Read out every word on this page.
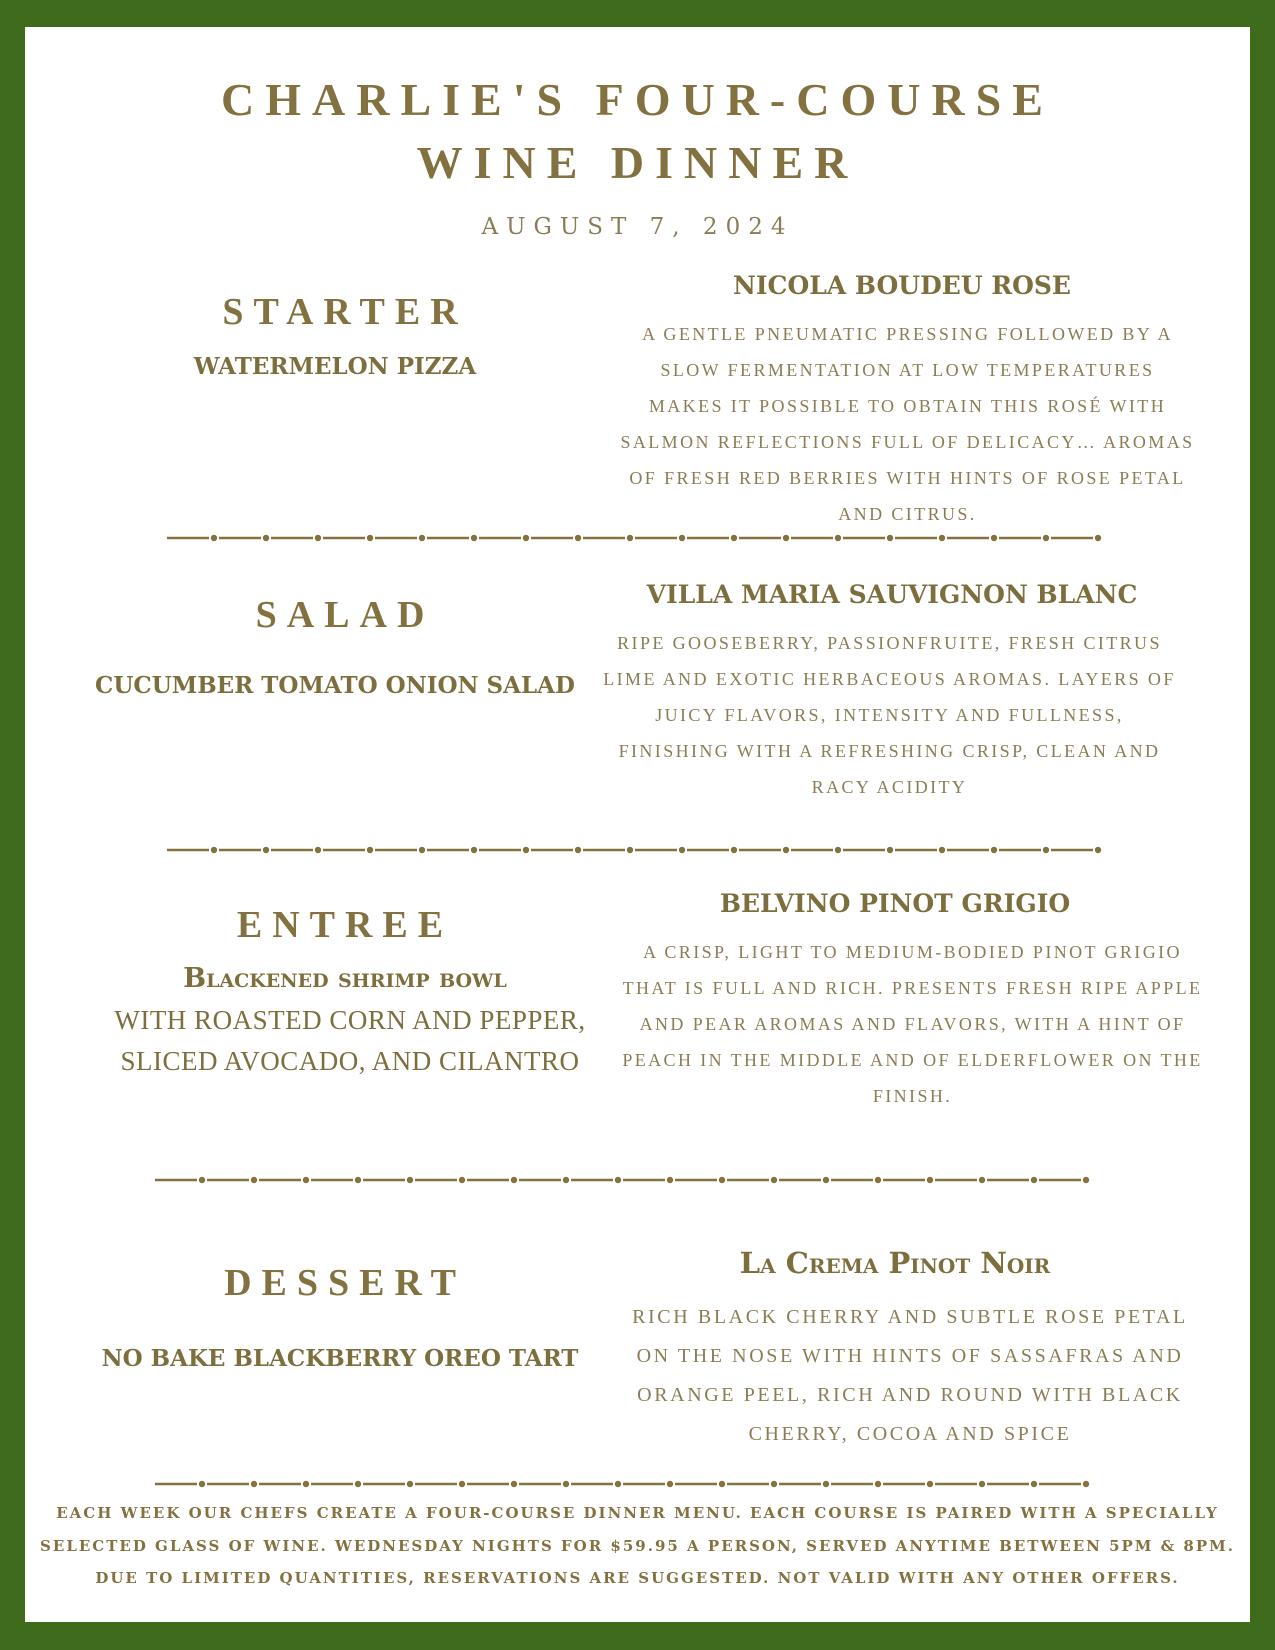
CHARLIE'S FOUR-COURSE
WINE DINNER
AUGUST 7, 2024
STARTER
WATERMELON PIZZA
NICOLA BOUDEU ROSE
A GENTLE PNEUMATIC PRESSING FOLLOWED BY A SLOW FERMENTATION AT LOW TEMPERATURES MAKES IT POSSIBLE TO OBTAIN THIS ROSÉ WITH SALMON REFLECTIONS FULL OF DELICACY… AROMAS OF FRESH RED BERRIES WITH HINTS OF ROSE PETAL AND CITRUS.
SALAD
CUCUMBER TOMATO ONION SALAD
VILLA MARIA SAUVIGNON BLANC
RIPE GOOSEBERRY, PASSIONFRUITE, FRESH CITRUS LIME AND EXOTIC HERBACEOUS AROMAS. LAYERS OF JUICY FLAVORS, INTENSITY AND FULLNESS, FINISHING WITH A REFRESHING CRISP, CLEAN AND RACY ACIDITY
ENTREE
Blackened shrimp bowl
WITH ROASTED CORN AND PEPPER, SLICED AVOCADO, AND CILANTRO
BELVINO PINOT GRIGIO
A CRISP, LIGHT TO MEDIUM-BODIED PINOT GRIGIO THAT IS FULL AND RICH. PRESENTS FRESH RIPE APPLE AND PEAR AROMAS AND FLAVORS, WITH A HINT OF PEACH IN THE MIDDLE AND OF ELDERFLOWER ON THE FINISH.
DESSERT
NO BAKE BLACKBERRY OREO TART
La Crema Pinot Noir
RICH BLACK CHERRY AND SUBTLE ROSE PETAL ON THE NOSE WITH HINTS OF SASSAFRAS AND ORANGE PEEL, RICH AND ROUND WITH BLACK CHERRY, COCOA AND SPICE
EACH WEEK OUR CHEFS CREATE A FOUR-COURSE DINNER MENU. EACH COURSE IS PAIRED WITH A SPECIALLY
SELECTED GLASS OF WINE. WEDNESDAY NIGHTS FOR $59.95 A PERSON, SERVED ANYTIME BETWEEN 5PM & 8PM.
DUE TO LIMITED QUANTITIES, RESERVATIONS ARE SUGGESTED. NOT VALID WITH ANY OTHER OFFERS.
